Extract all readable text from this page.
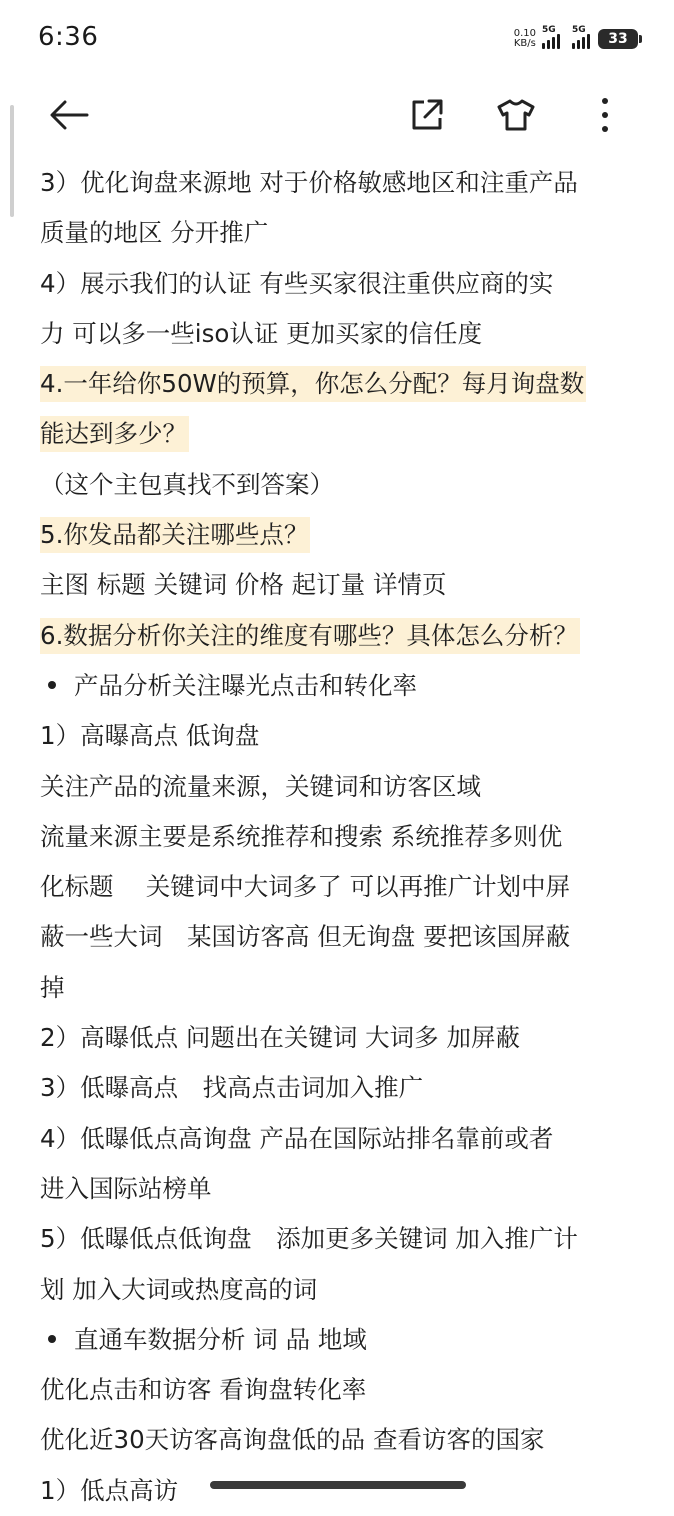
6:36	0.10
KB/s
5G 5G
33
3）优化询盘来源地 对于价格敏感地区和注重产品
质量的地区 分开推广
4）展示我们的认证 有些买家很注重供应商的实
力 可以多一些iso认证 更加买家的信任度
4.一年给你50W的预算，你怎么分配？每月询盘数
能达到多少？
（这个主包真找不到答案）
5.你发品都关注哪些点？
主图 标题 关键词 价格 起订量 详情页
6.数据分析你关注的维度有哪些？具体怎么分析？
产品分析关注曝光点击和转化率
1）高曝高点 低询盘
关注产品的流量来源，关键词和访客区域
流量来源主要是系统推荐和搜索 系统推荐多则优
化标题　 关键词中大词多了 可以再推广计划中屏
蔽一些大词　某国访客高 但无询盘 要把该国屏蔽
掉
2）高曝低点 问题出在关键词 大词多 加屏蔽
3）低曝高点　找高点击词加入推广
4）低曝低点高询盘 产品在国际站排名靠前或者
进入国际站榜单
5）低曝低点低询盘　添加更多关键词 加入推广计
划 加入大词或热度高的词
直通车数据分析 词 品 地域
优化点击和访客 看询盘转化率
优化近30天访客高询盘低的品 查看访客的国家
1）低点高访
